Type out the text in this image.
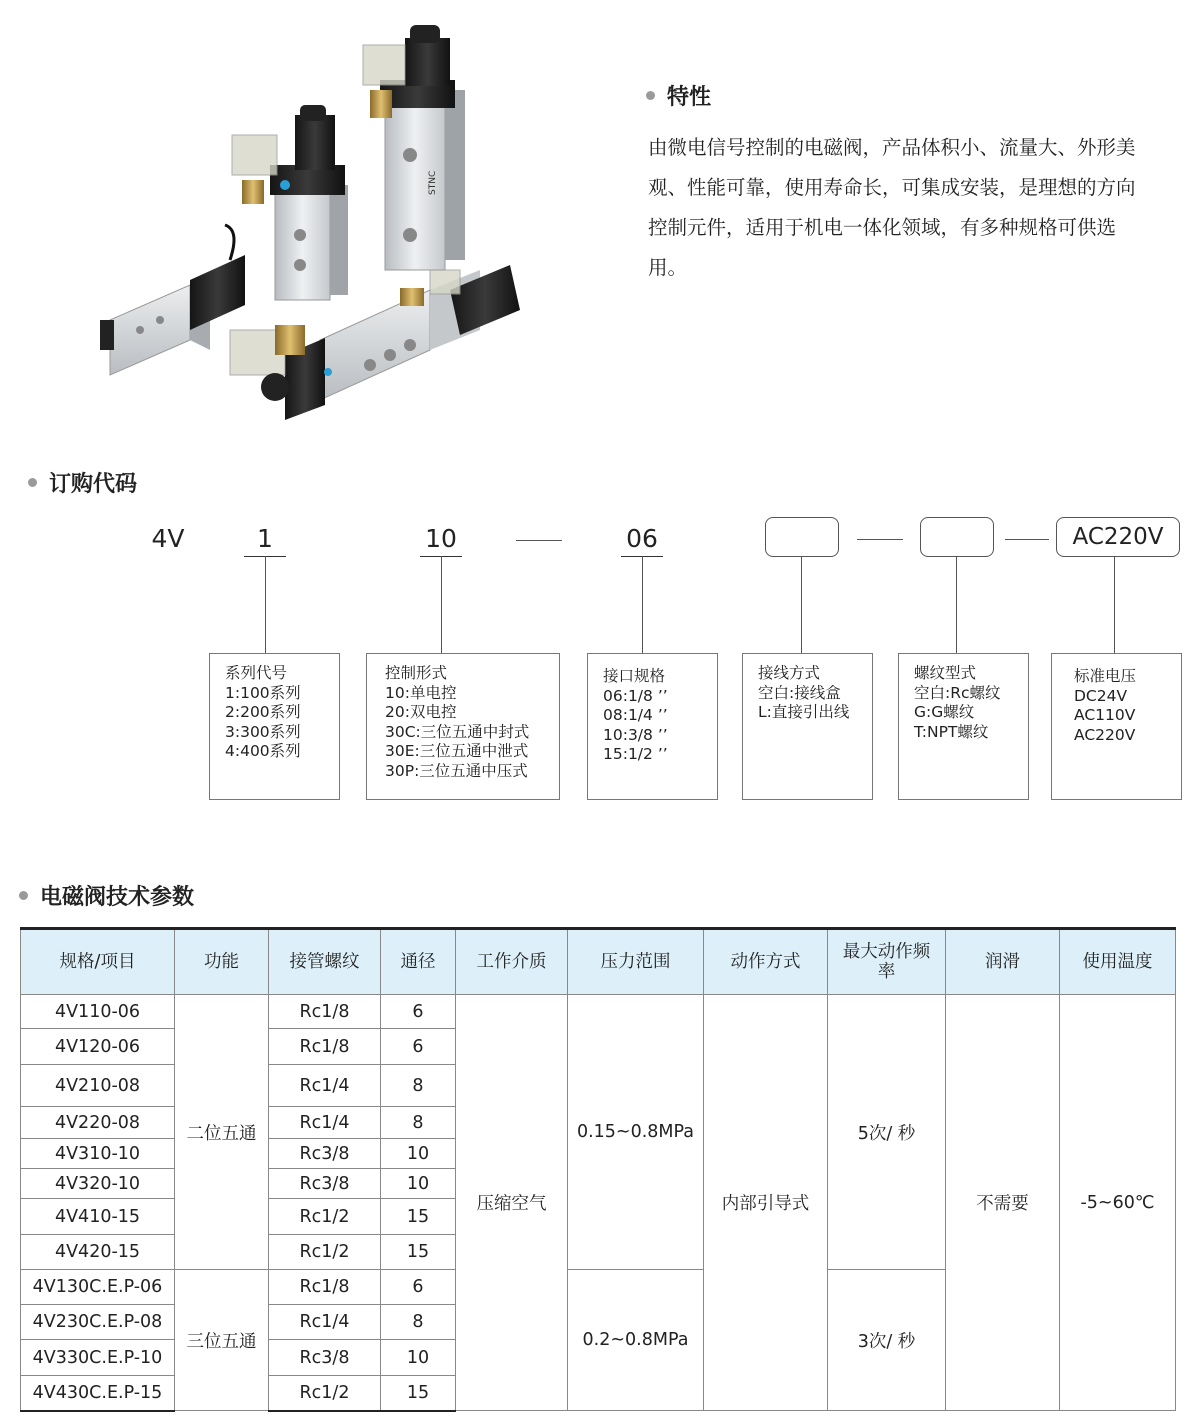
STNC
特性
由微电信号控制的电磁阀，产品体积小、流量大、外形美观、性能可靠，使用寿命长，可集成安装，是理想的方向控制元件，适用于机电一体化领域，有多种规格可供选用。
订购代码
4V	1	10	06	AC220V
系列代号
1:100系列
2:200系列
3:300系列
4:400系列
控制形式
10:单电控
20:双电控
30C:三位五通中封式
30E:三位五通中泄式
30P:三位五通中压式
接口规格
06:1/8 ʼʼ
08:1/4 ʼʼ
10:3/8 ʼʼ
15:1/2 ʼʼ
接线方式
空白:接线盒
L:直接引出线
螺纹型式
空白:Rc螺纹
G:G螺纹
T:NPT螺纹
标准电压
DC24V
AC110V
AC220V
电磁阀技术参数
规格/项目	功能	接管螺纹	通径	工作介质	压力范围	动作方式	最大动作频率	润滑	使用温度
4V110-06	二位五通	Rc1/8	6	压缩空气	0.15~0.8MPa	内部引导式	5次/ 秒	不需要	-5~60℃
4V120-06		Rc1/8	6						
4V210-08		Rc1/4	8						
4V220-08		Rc1/4	8						
4V310-10		Rc3/8	10						
4V320-10		Rc3/8	10						
4V410-15		Rc1/2	15						
4V420-15		Rc1/2	15						
4V130C.E.P-06	三位五通	Rc1/8	6		0.2~0.8MPa		3次/ 秒		
4V230C.E.P-08		Rc1/4	8						
4V330C.E.P-10		Rc3/8	10						
4V430C.E.P-15		Rc1/2	15						
